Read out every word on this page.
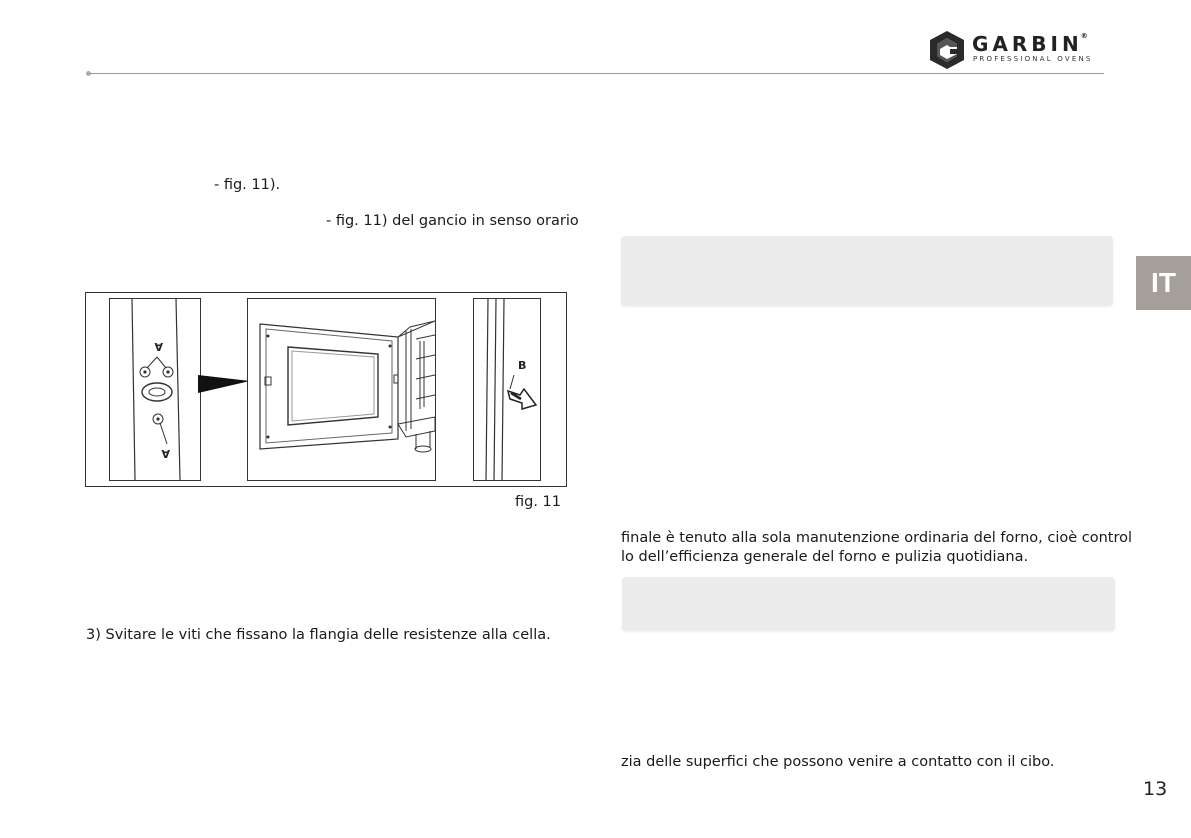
GARBIN®
PROFESSIONAL OVENS
- fig. 11).
- fig. 11) del gancio in senso orario
A
A
B
fig. 11
3) Svitare le viti che fissano la flangia delle resistenze alla cella.
finale è tenuto alla sola manutenzione ordinaria del forno, cioè control
lo dell’efficienza generale del forno e pulizia quotidiana.
zia delle superfici che possono venire a contatto con il cibo.
IT
13
